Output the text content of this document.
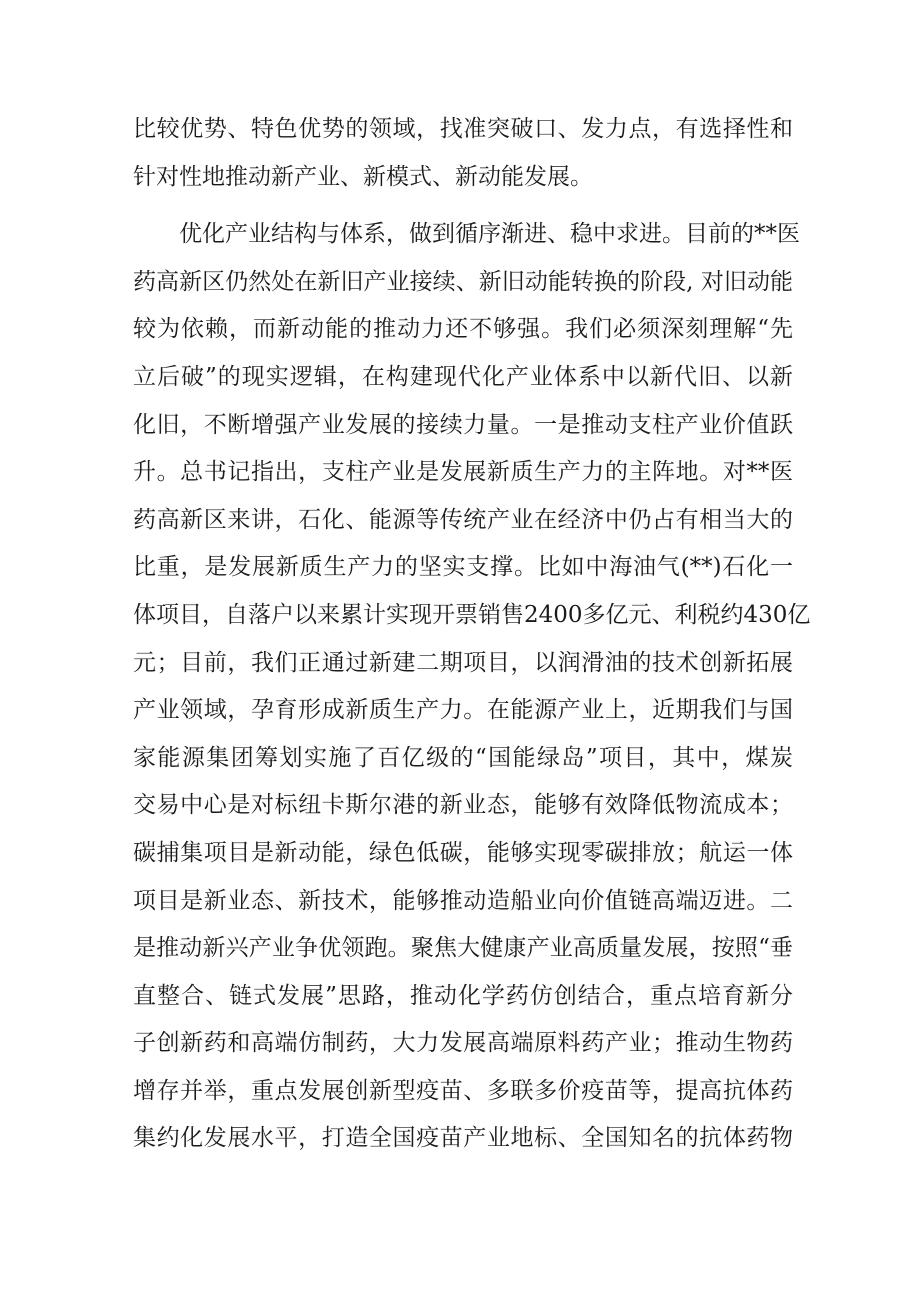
比较优势、特色优势的领域，找准突破口、发力点，有选择性和
针对性地推动新产业、新模式、新动能发展。
优化产业结构与体系，做到循序渐进、稳中求进。目前的**医
药高新区仍然处在新旧产业接续、新旧动能转换的阶段, 对旧动能
较为依赖，而新动能的推动力还不够强。我们必须深刻理解“先
立后破”的现实逻辑，在构建现代化产业体系中以新代旧、以新
化旧，不断增强产业发展的接续力量。一是推动支柱产业价值跃
升。总书记指出，支柱产业是发展新质生产力的主阵地。对**医
药高新区来讲，石化、能源等传统产业在经济中仍占有相当大的
比重，是发展新质生产力的坚实支撑。比如中海油气(**)石化一
体项目，自落户以来累计实现开票销售2400多亿元、利税约430亿
元；目前，我们正通过新建二期项目，以润滑油的技术创新拓展
产业领域，孕育形成新质生产力。在能源产业上，近期我们与国
家能源集团筹划实施了百亿级的“国能绿岛”项目，其中，煤炭
交易中心是对标纽卡斯尔港的新业态，能够有效降低物流成本；
碳捕集项目是新动能，绿色低碳，能够实现零碳排放；航运一体
项目是新业态、新技术，能够推动造船业向价值链高端迈进。二
是推动新兴产业争优领跑。聚焦大健康产业高质量发展，按照“垂
直整合、链式发展”思路，推动化学药仿创结合，重点培育新分
子创新药和高端仿制药，大力发展高端原料药产业；推动生物药
增存并举，重点发展创新型疫苗、多联多价疫苗等，提高抗体药
集约化发展水平，打造全国疫苗产业地标、全国知名的抗体药物
